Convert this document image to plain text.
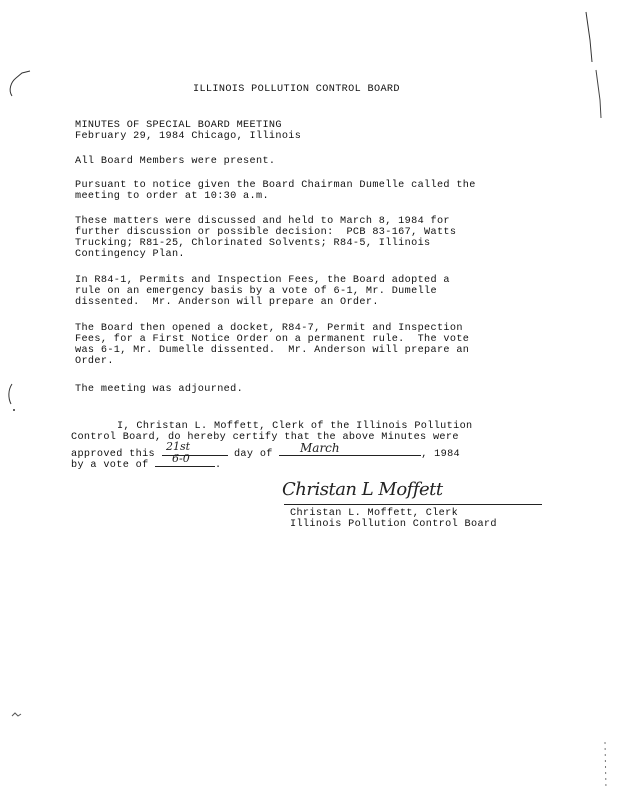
ILLINOIS POLLUTION CONTROL BOARD
MINUTES OF SPECIAL BOARD MEETING
February 29, 1984 Chicago, Illinois
All Board Members were present.
Pursuant to notice given the Board Chairman Dumelle called the
meeting to order at 10:30 a.m.
These matters were discussed and held to March 8, 1984 for
further discussion or possible decision:  PCB 83-167, Watts
Trucking; R81-25, Chlorinated Solvents; R84-5, Illinois
Contingency Plan.
In R84-1, Permits and Inspection Fees, the Board adopted a
rule on an emergency basis by a vote of 6-1, Mr. Dumelle
dissented.  Mr. Anderson will prepare an Order.
The Board then opened a docket, R84-7, Permit and Inspection
Fees, for a First Notice Order on a permanent rule.  The vote
was 6-1, Mr. Dumelle dissented.  Mr. Anderson will prepare an
Order.
The meeting was adjourned.
I, Christan L. Moffett, Clerk of the Illinois Pollution
Control Board, do hereby certify that the above Minutes were
approved this	day of	, 1984
by a vote of	.
21st	March
6-0
Christan L Moffett
Christan L. Moffett, Clerk
Illinois Pollution Control Board
